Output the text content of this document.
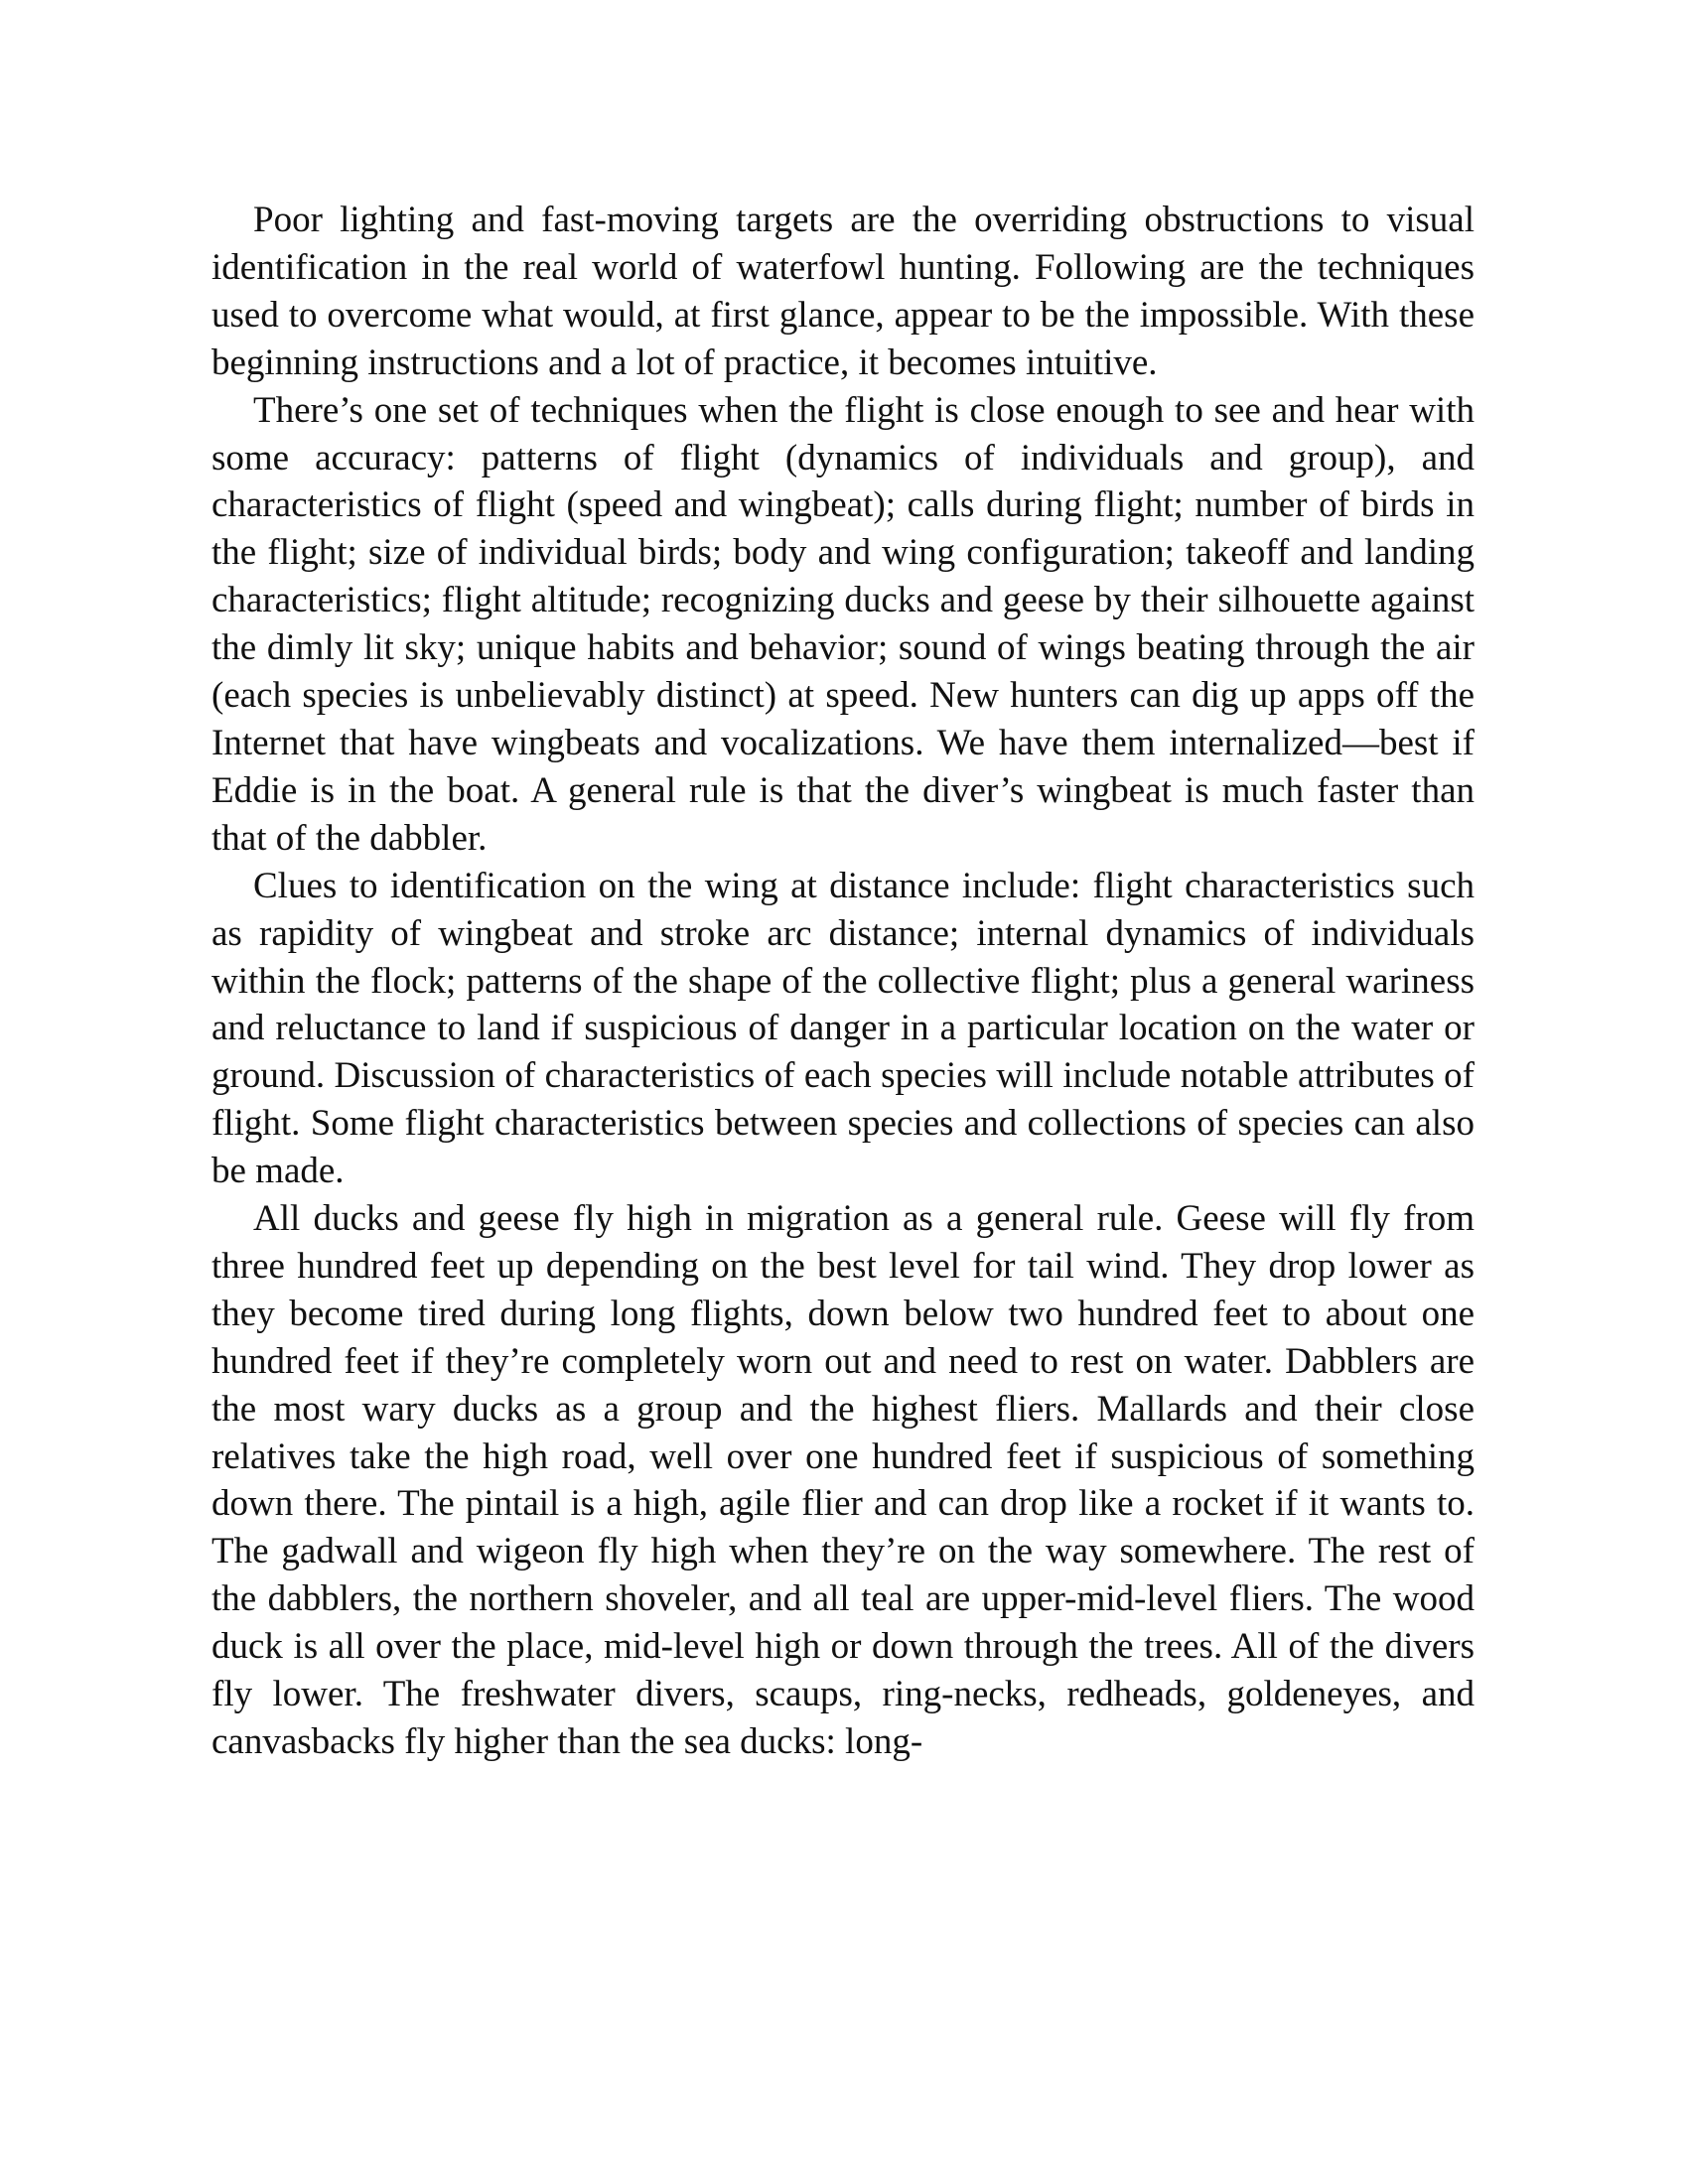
Poor lighting and fast-moving targets are the overriding obstructions to visual identification in the real world of waterfowl hunting. Following are the techniques used to overcome what would, at first glance, appear to be the impossible. With these beginning instructions and a lot of practice, it becomes intuitive.

There’s one set of techniques when the flight is close enough to see and hear with some accuracy: patterns of flight (dynamics of individuals and group), and characteristics of flight (speed and wingbeat); calls during flight; number of birds in the flight; size of individual birds; body and wing configuration; takeoff and landing characteristics; flight altitude; recognizing ducks and geese by their silhouette against the dimly lit sky; unique habits and behavior; sound of wings beating through the air (each species is unbelievably distinct) at speed. New hunters can dig up apps off the Internet that have wingbeats and vocalizations. We have them internalized—best if Eddie is in the boat. A general rule is that the diver’s wingbeat is much faster than that of the dabbler.

Clues to identification on the wing at distance include: flight characteristics such as rapidity of wingbeat and stroke arc distance; internal dynamics of individuals within the flock; patterns of the shape of the collective flight; plus a general wariness and reluctance to land if suspicious of danger in a particular location on the water or ground. Discussion of characteristics of each species will include notable attributes of flight. Some flight characteristics between species and collections of species can also be made.

All ducks and geese fly high in migration as a general rule. Geese will fly from three hundred feet up depending on the best level for tail wind. They drop lower as they become tired during long flights, down below two hundred feet to about one hundred feet if they’re completely worn out and need to rest on water. Dabblers are the most wary ducks as a group and the highest fliers. Mallards and their close relatives take the high road, well over one hundred feet if suspicious of something down there. The pintail is a high, agile flier and can drop like a rocket if it wants to. The gadwall and wigeon fly high when they’re on the way somewhere. The rest of the dabblers, the northern shoveler, and all teal are upper-mid-level fliers. The wood duck is all over the place, mid-level high or down through the trees. All of the divers fly lower. The freshwater divers, scaups, ring-necks, redheads, goldeneyes, and canvasbacks fly higher than the sea ducks: long-
